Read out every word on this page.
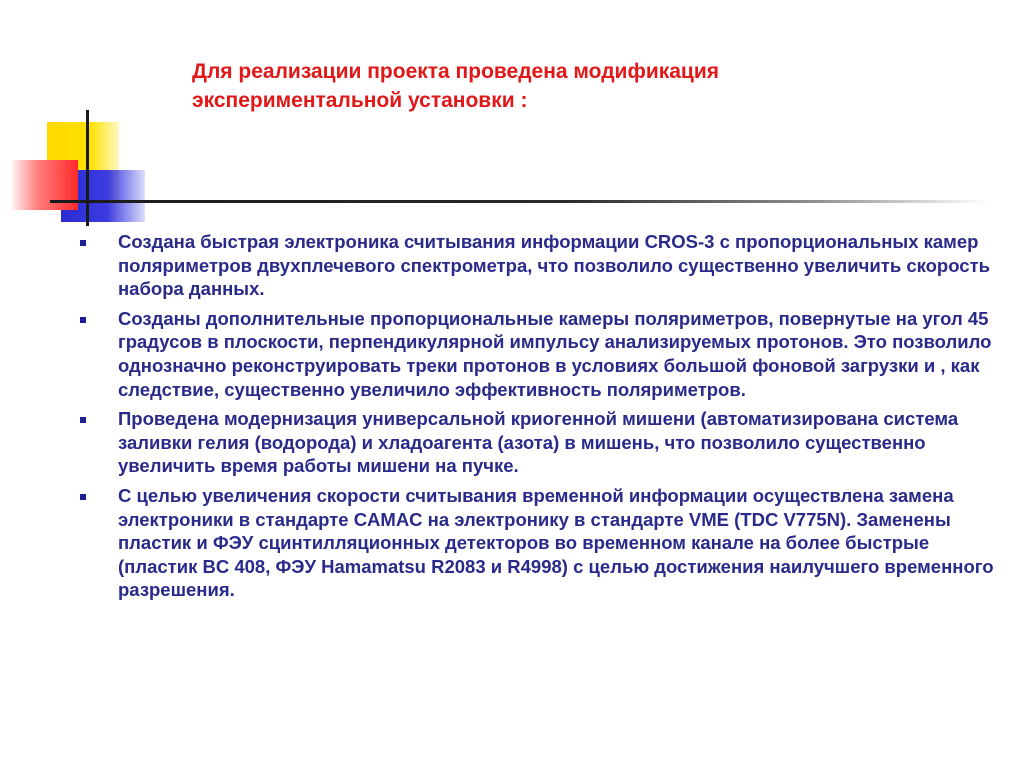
Для реализации проекта проведена модификация
экспериментальной установки :
Создана быстрая электроника считывания информации CROS-3 с пропорциональных камер поляриметров двухплечевого спектрометра, что позволило существенно увеличить скорость набора данных.
Созданы дополнительные пропорциональные камеры поляриметров, повернутые на угол 45 градусов в плоскости, перпендикулярной импульсу анализируемых протонов. Это позволило однозначно реконструировать треки протонов в условиях большой фоновой загрузки и , как следствие, существенно увеличило эффективность поляриметров.
Проведена модернизация универсальной криогенной мишени (автоматизирована система заливки гелия (водорода) и хладоагента (азота) в мишень, что позволило существенно увеличить время работы мишени на пучке.
С целью увеличения скорости считывания временной информации осуществлена замена электроники в стандарте CAMAC на электронику в стандарте VME (TDC V775N). Заменены пластик и ФЭУ сцинтилляционных детекторов во временном канале на более быстрые (пластик BC 408, ФЭУ Hamamatsu R2083 и R4998) с целью достижения наилучшего временного разрешения.
